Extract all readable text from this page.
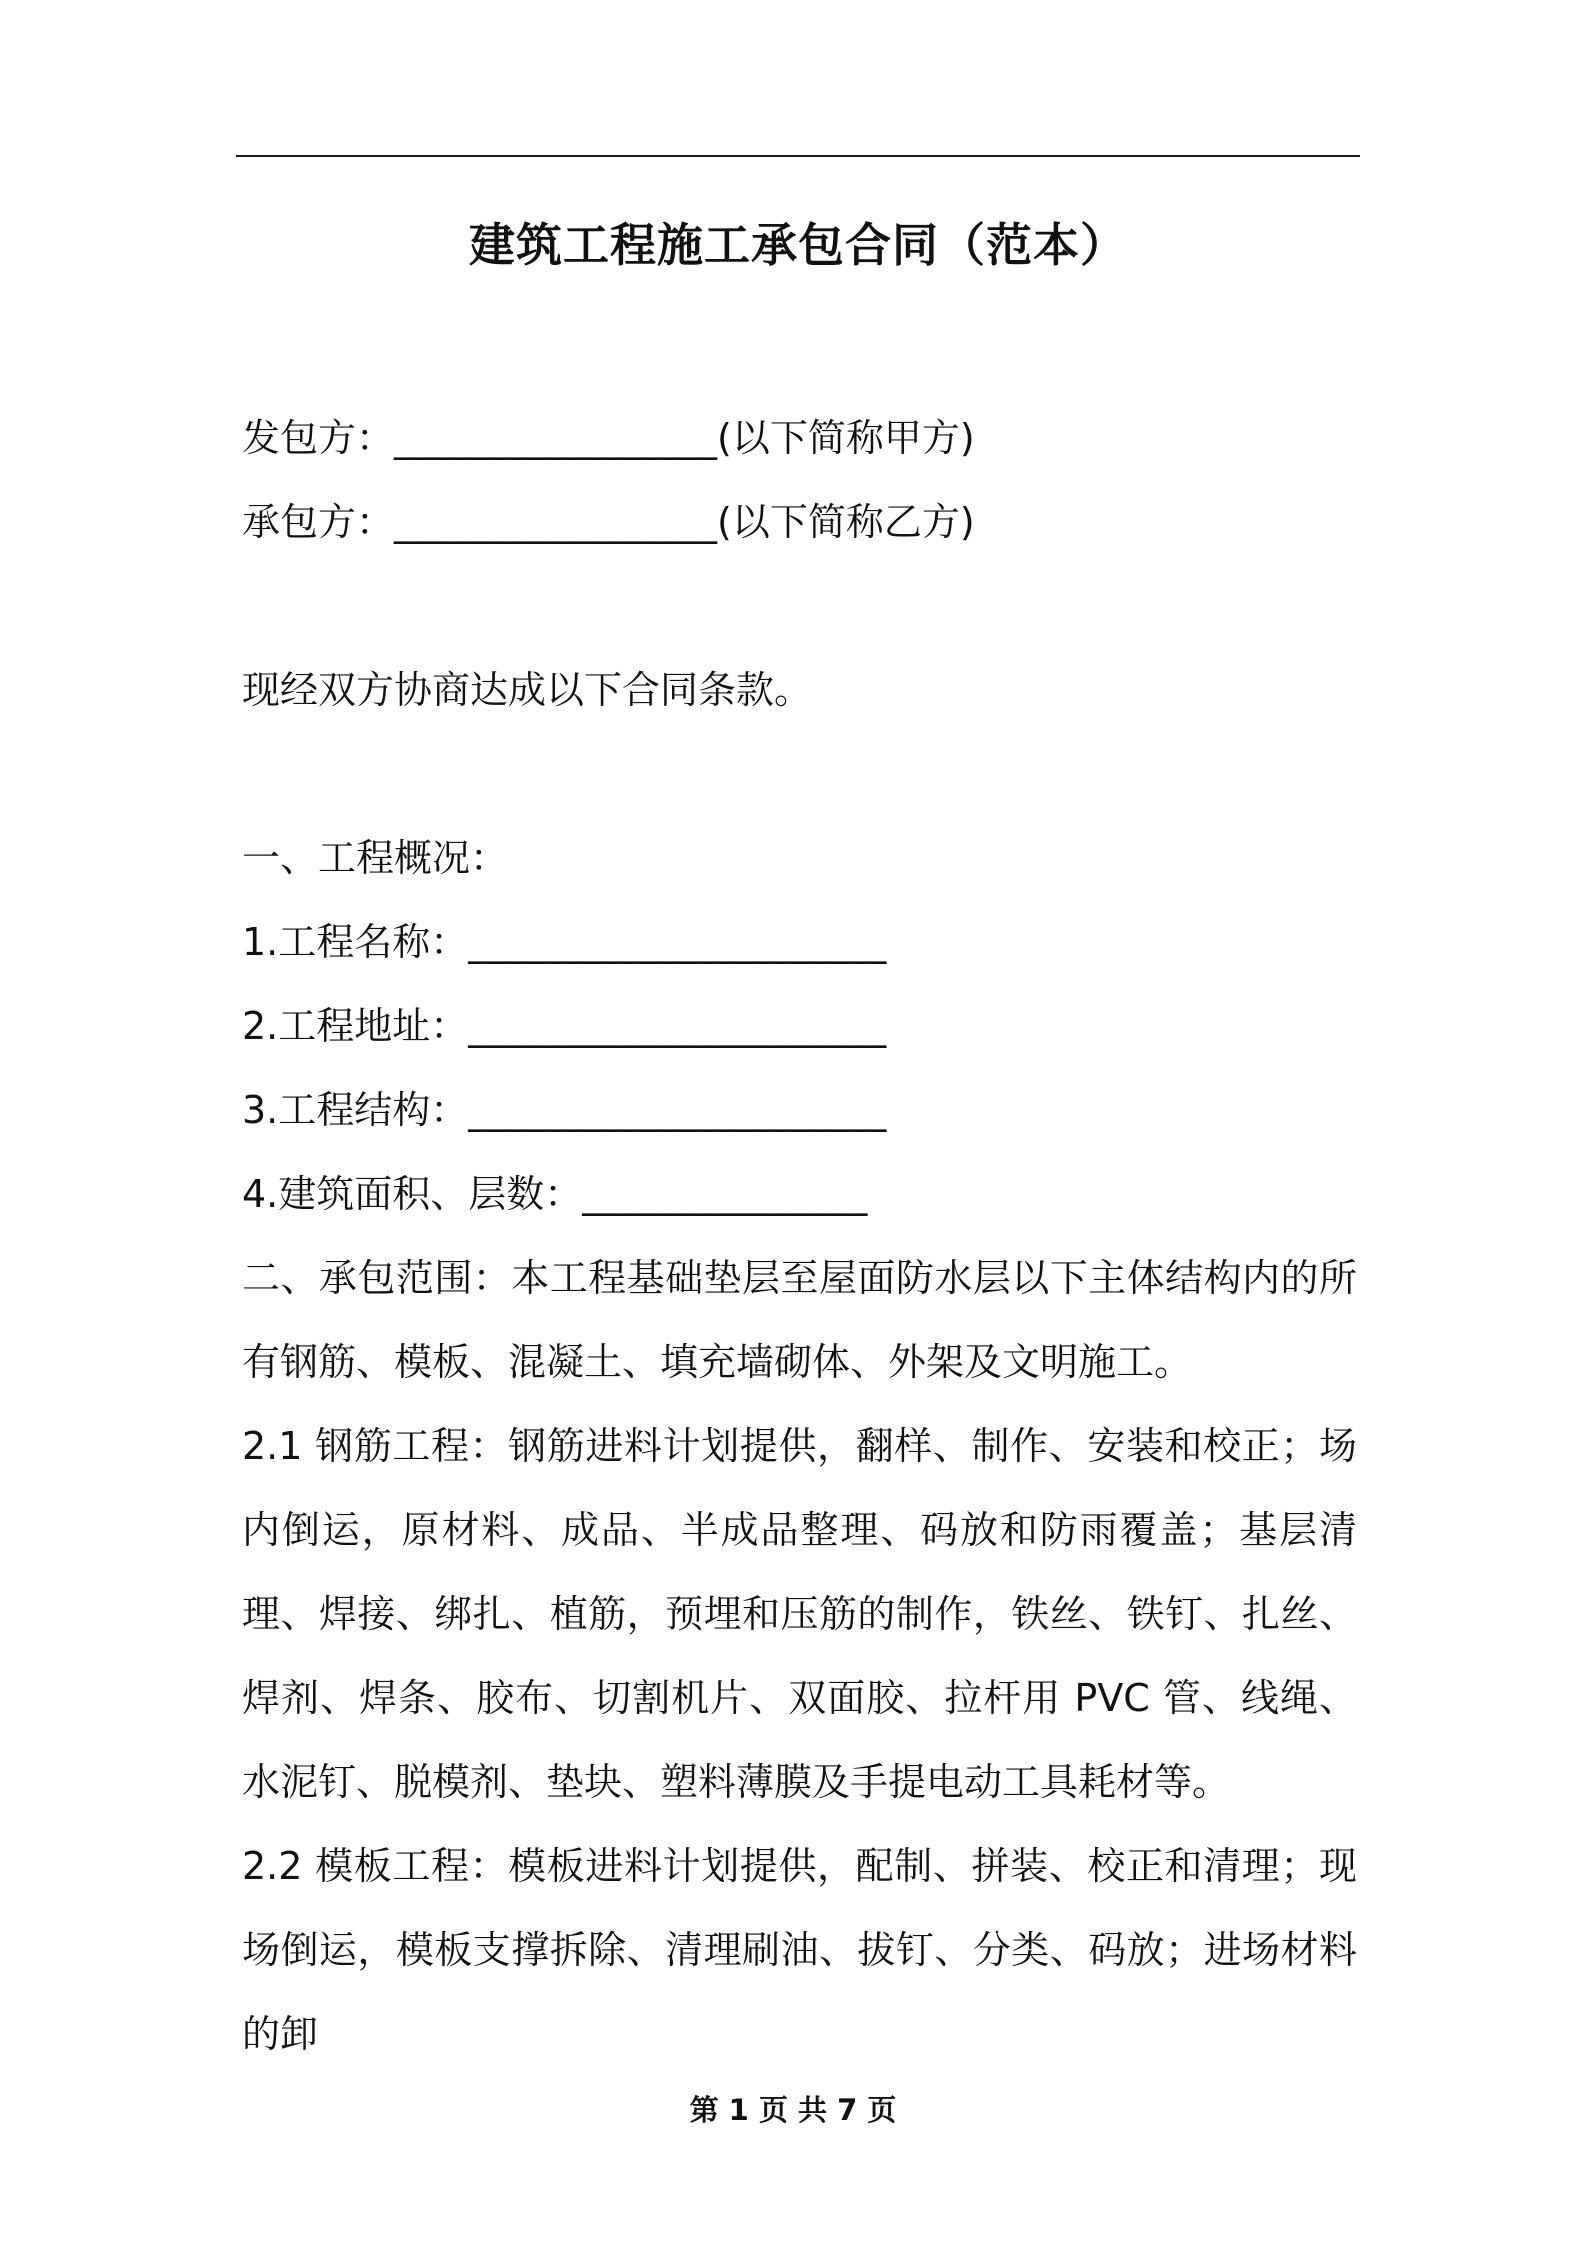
建筑工程施工承包合同（范本）
发包方：_________________(以下简称甲方)
承包方：_________________(以下简称乙方)
现经双方协商达成以下合同条款。
一、工程概况：
1.工程名称：______________________
2.工程地址：______________________
3.工程结构：______________________
4.建筑面积、层数：_______________

二、承包范围：本工程基础垫层至屋面防水层以下主体结构内的所有钢筋、模板、混凝土、填充墙砌体、外架及文明施工。

2.1 钢筋工程：钢筋进料计划提供，翻样、制作、安装和校正；场内倒运，原材料、成品、半成品整理、码放和防雨覆盖；基层清理、焊接、绑扎、植筋，预埋和压筋的制作，铁丝、铁钉、扎丝、焊剂、焊条、胶布、切割机片、双面胶、拉杆用 PVC 管、线绳、水泥钉、脱模剂、垫块、塑料薄膜及手提电动工具耗材等。

2.2 模板工程：模板进料计划提供，配制、拼装、校正和清理；现场倒运，模板支撑拆除、清理刷油、拔钉、分类、码放；进场材料的卸

第 1 页 共 7 页
